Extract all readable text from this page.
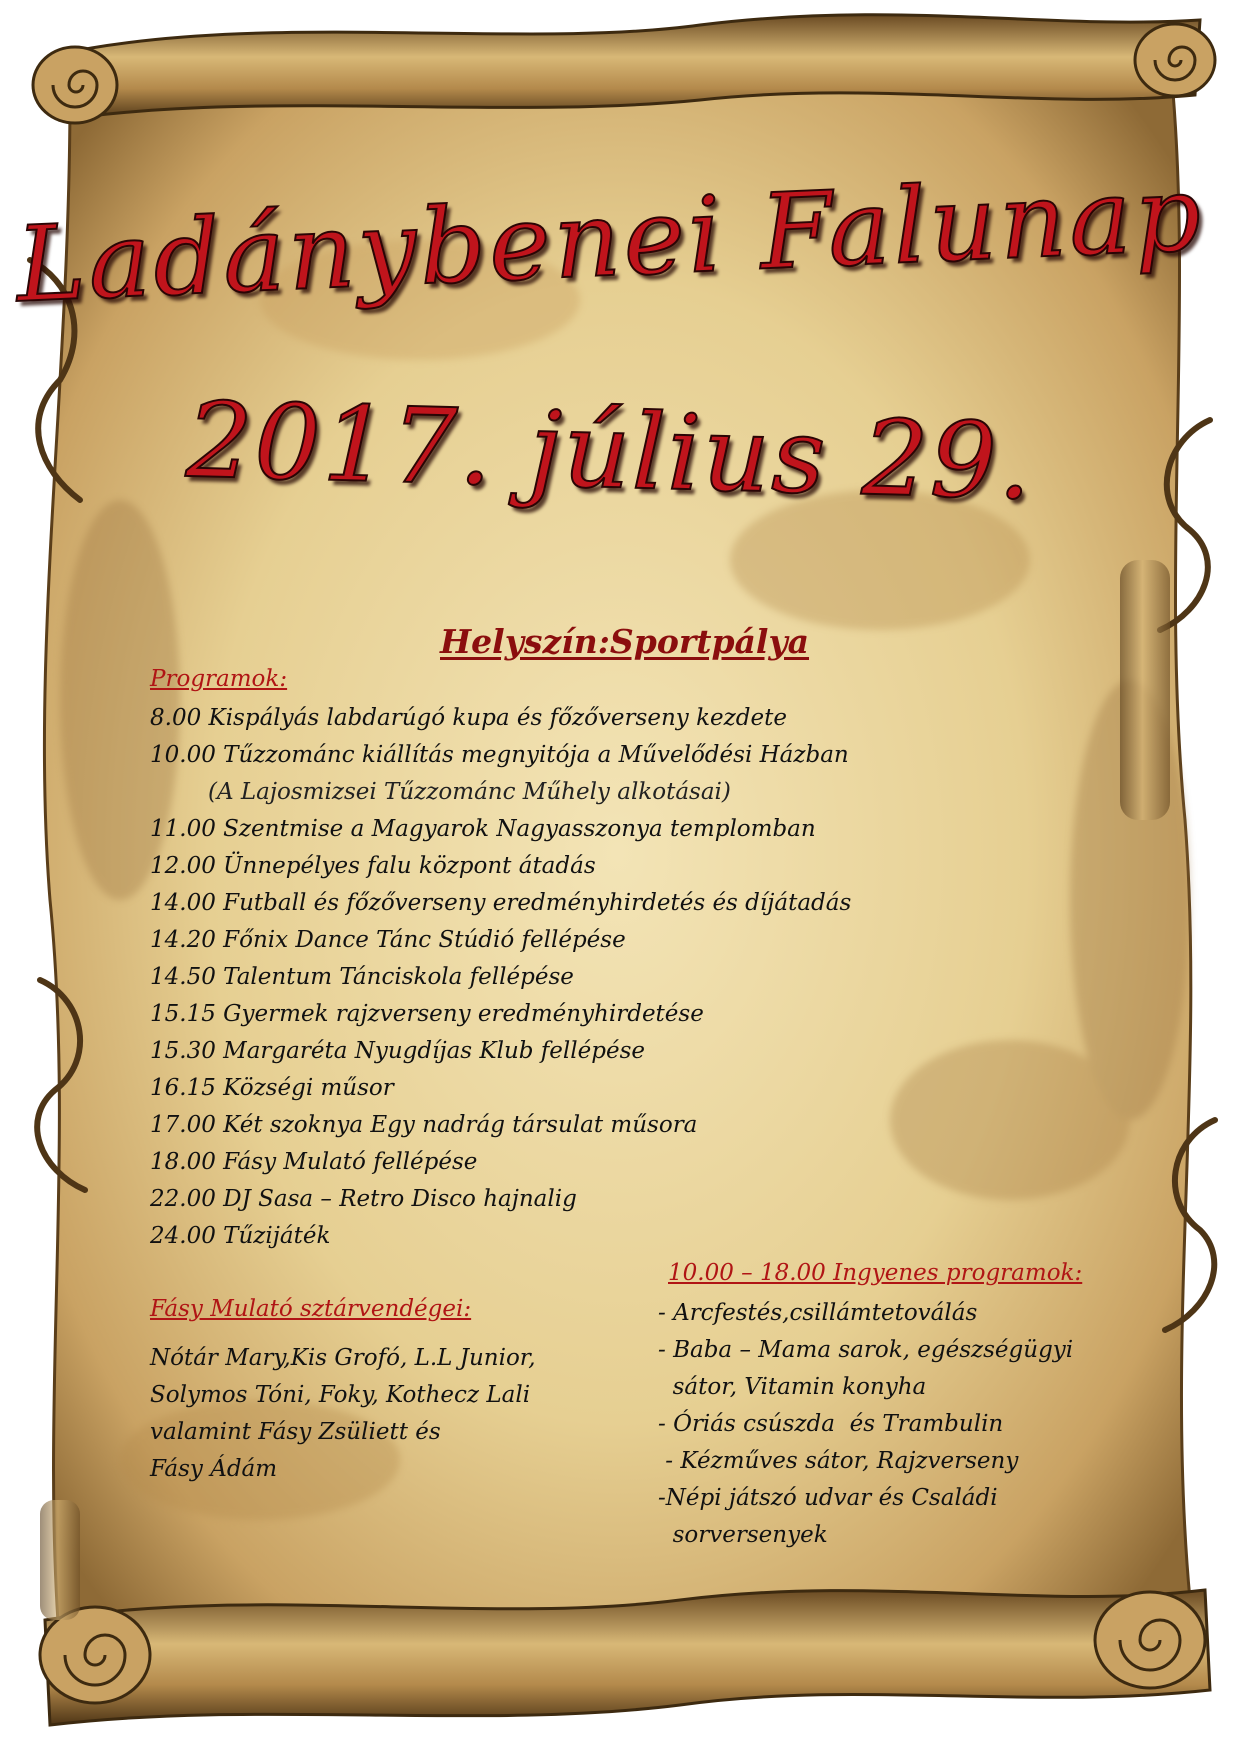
Ladánybenei Falunap
2017. július 29.
Helyszín:Sportpálya
Programok:
8.00 Kispályás labdarúgó kupa és főzőverseny kezdete
10.00 Tűzzománc kiállítás megnyitója a Művelődési Házban
(A Lajosmizsei Tűzzománc Műhely alkotásai)
11.00 Szentmise a Magyarok Nagyasszonya templomban
12.00 Ünnepélyes falu központ átadás
14.00 Futball és főzőverseny eredményhirdetés és díjátadás
14.20 Főnix Dance Tánc Stúdió fellépése
14.50 Talentum Tánciskola fellépése
15.15 Gyermek rajzverseny eredményhirdetése
15.30 Margaréta Nyugdíjas Klub fellépése
16.15 Községi műsor
17.00 Két szoknya Egy nadrág társulat műsora
18.00 Fásy Mulató fellépése
22.00 DJ Sasa – Retro Disco hajnalig
24.00 Tűzijáték
Fásy Mulató sztárvendégei:
Nótár Mary,Kis Grofó, L.L Junior,
Solymos Tóni, Foky, Kothecz Lali
valamint Fásy Zsüliett és
Fásy Ádám
10.00 – 18.00 Ingyenes programok:
- Arcfestés,csillámtetoválás
- Baba – Mama sarok, egészségügyi
sátor, Vitamin konyha
- Óriás csúszda  és Trambulin
- Kézműves sátor, Rajzverseny
-Népi játszó udvar és Családi
sorversenyek
